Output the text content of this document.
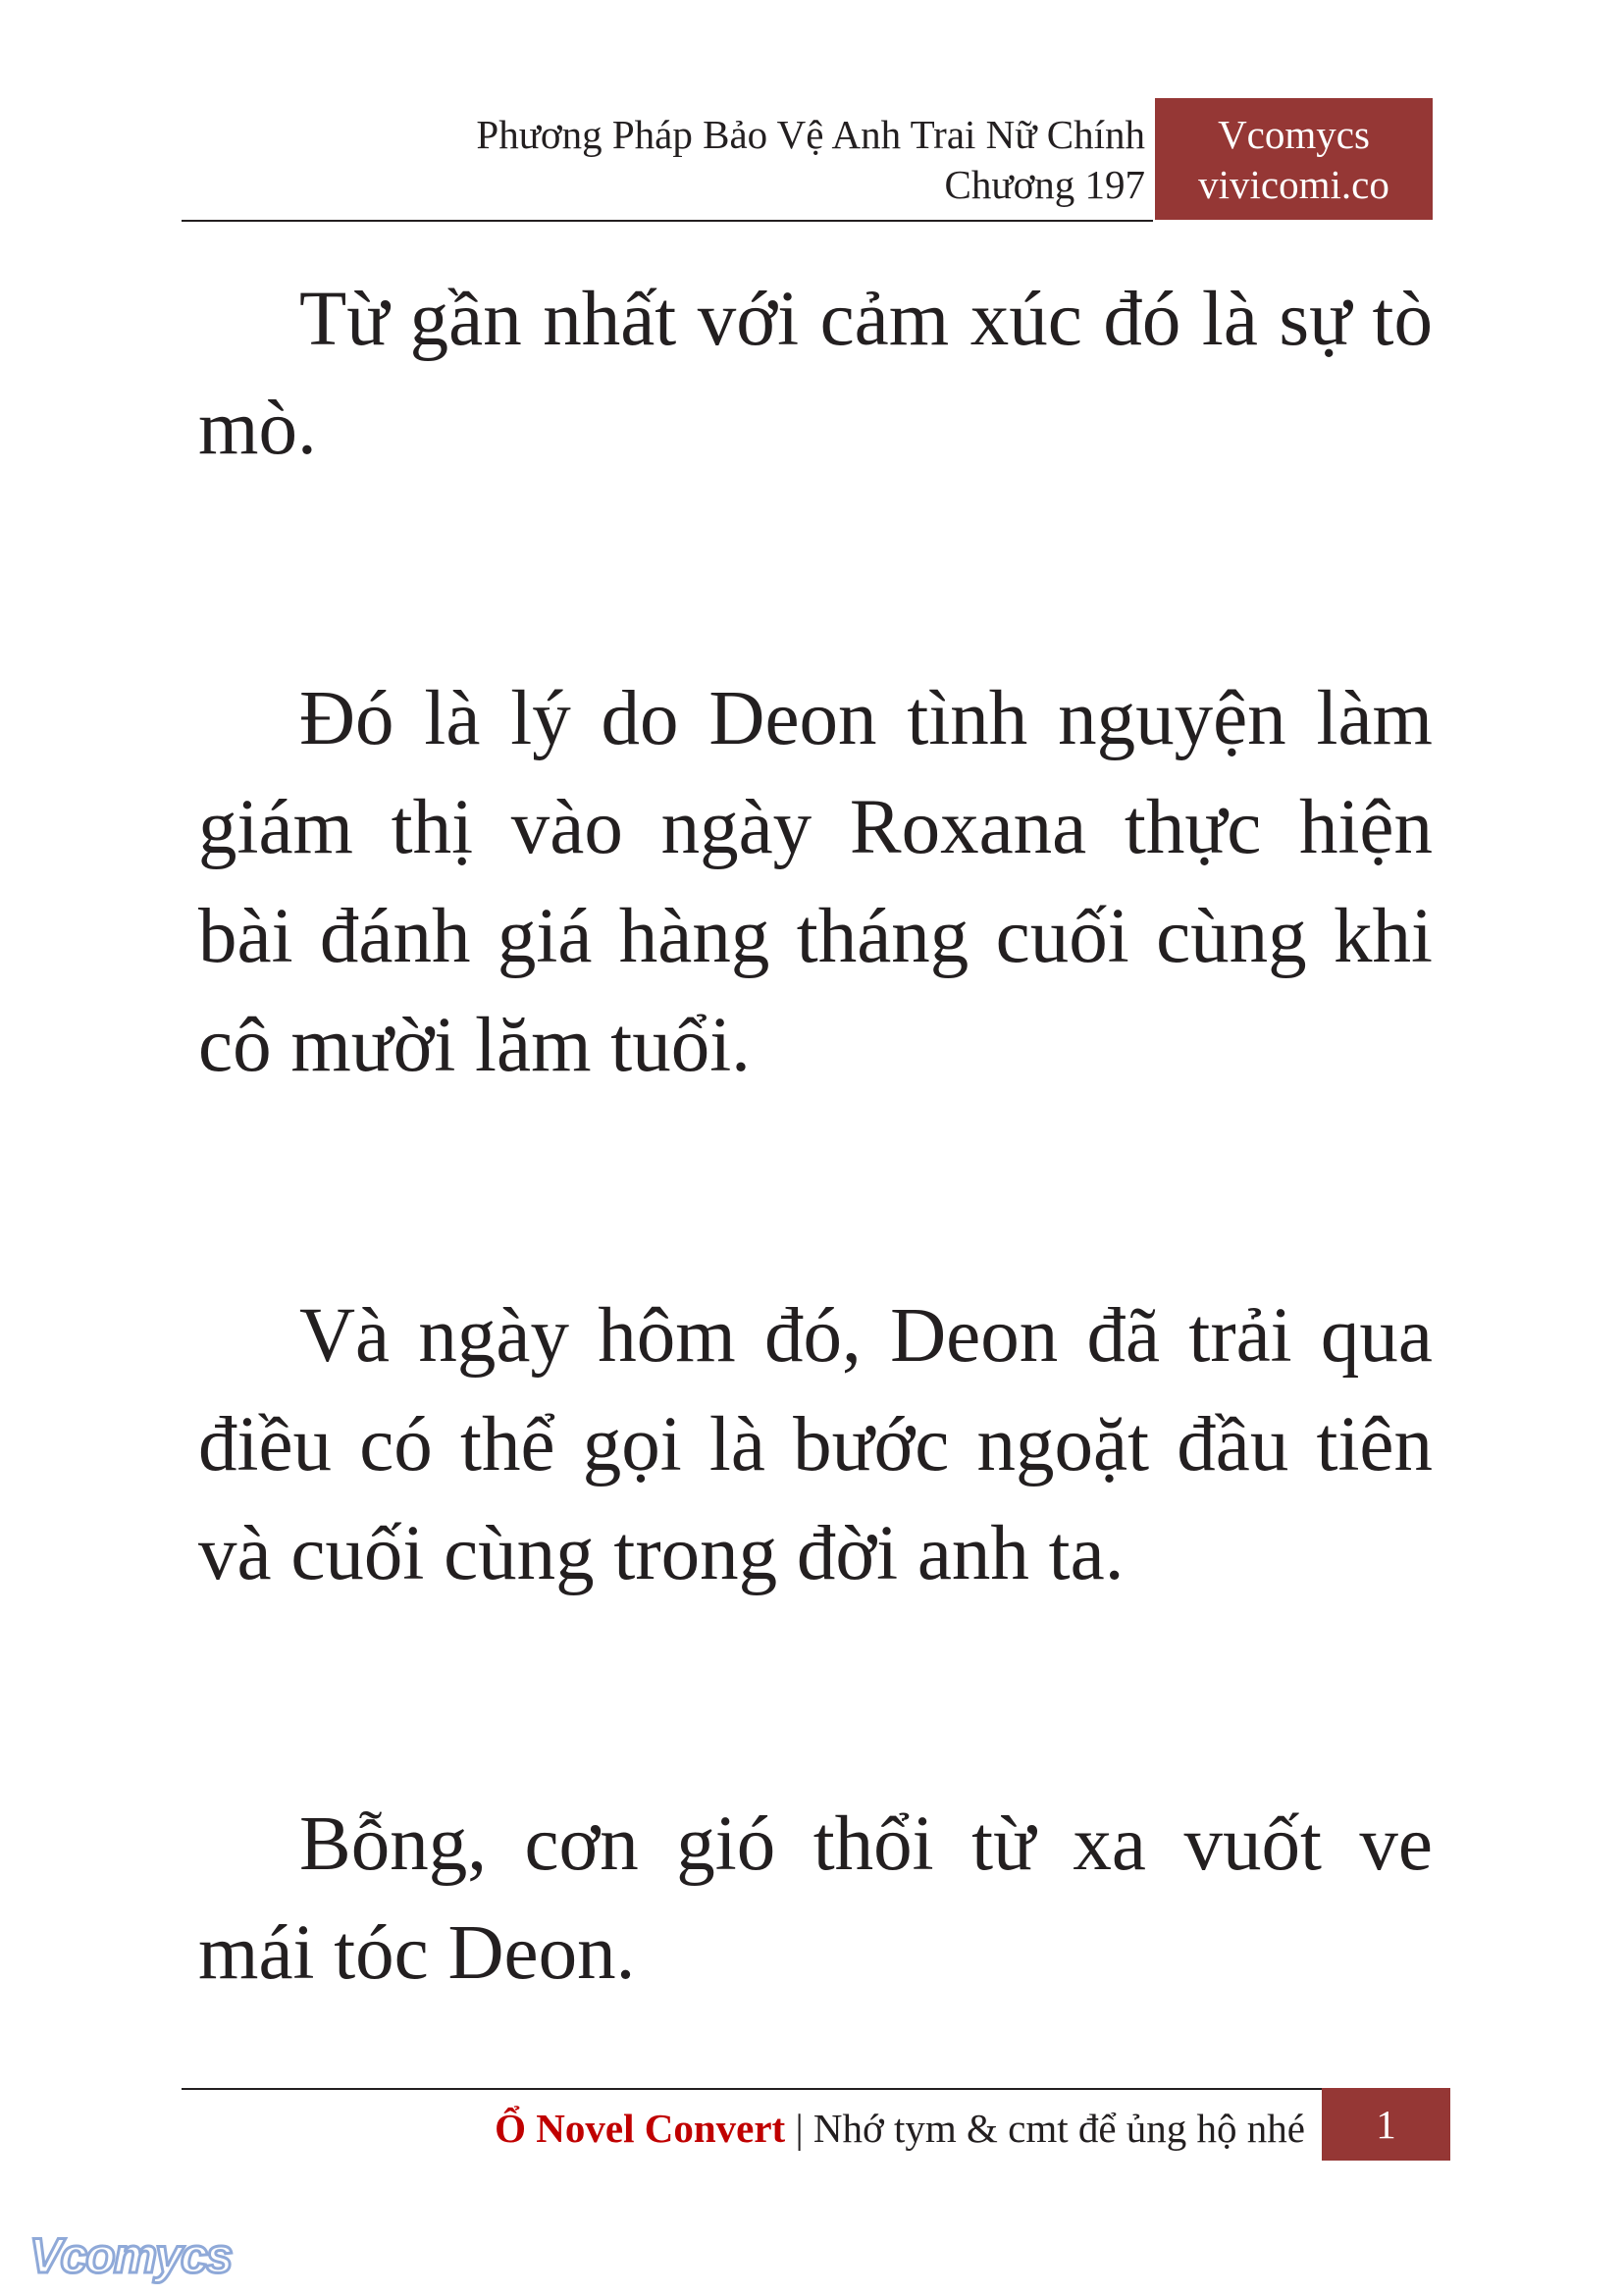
Phương Pháp Bảo Vệ Anh Trai Nữ Chính
Chương 197
Vcomycs
vivicomi.co

Từ gần nhất với cảm xúc đó là sự tò mò.

Đó là lý do Deon tình nguyện làm giám thị vào ngày Roxana thực hiện bài đánh giá hàng tháng cuối cùng khi cô mười lăm tuổi.

Và ngày hôm đó, Deon đã trải qua điều có thể gọi là bước ngoặt đầu tiên và cuối cùng trong đời anh ta.

Bỗng, cơn gió thổi từ xa vuốt ve mái tóc Deon.

Ổ Novel Convert | Nhớ tym & cmt để ủng hộ nhé	1
Vcomycs
